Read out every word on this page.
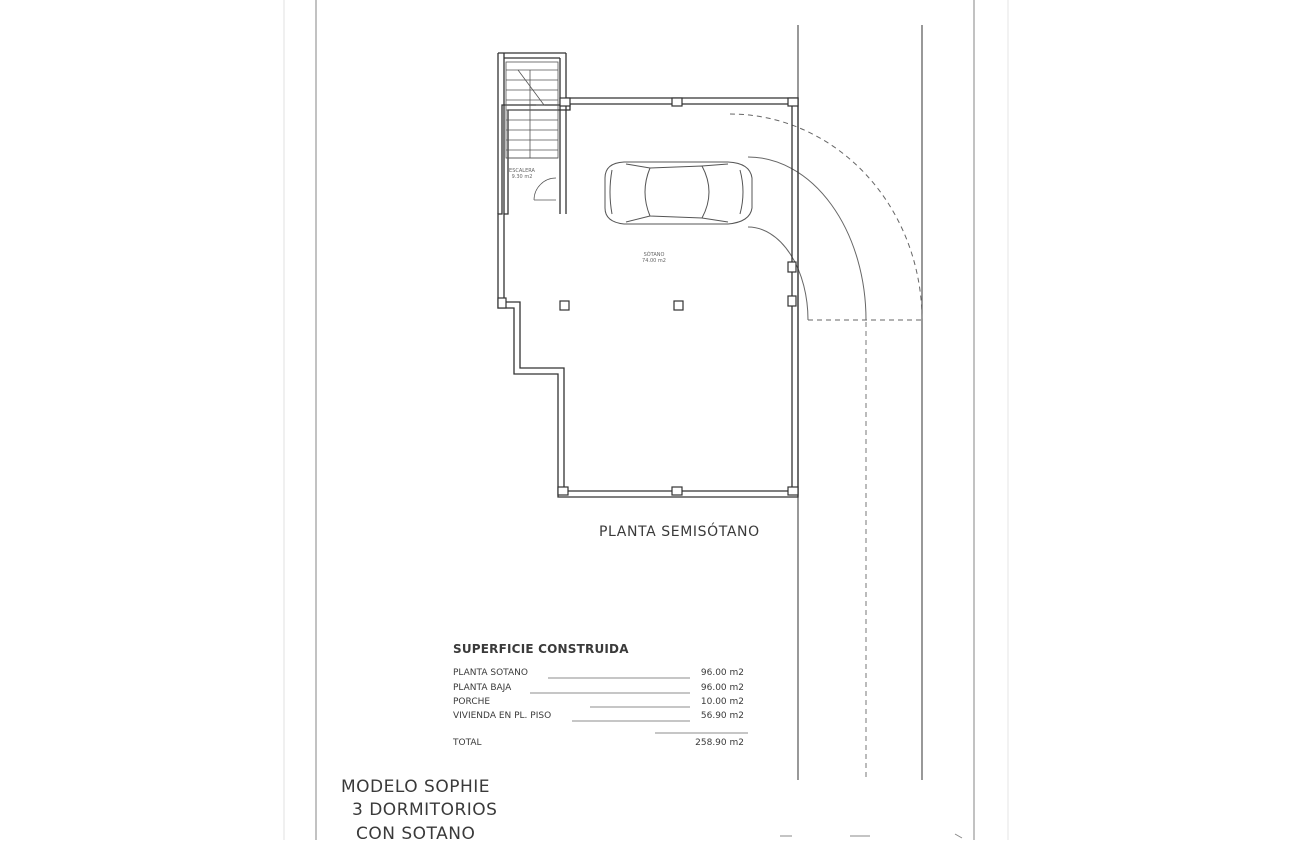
ESCALERA
9.30 m2
SÓTANO
74.00 m2
PLANTA SEMISÓTANO
SUPERFICIE CONSTRUIDA
PLANTA SOTANO	96.00 m2
PLANTA BAJA	96.00 m2
PORCHE	10.00 m2
VIVIENDA EN PL. PISO	56.90 m2
TOTAL	258.90 m2
MODELO SOPHIE
3 DORMITORIOS
CON SOTANO
